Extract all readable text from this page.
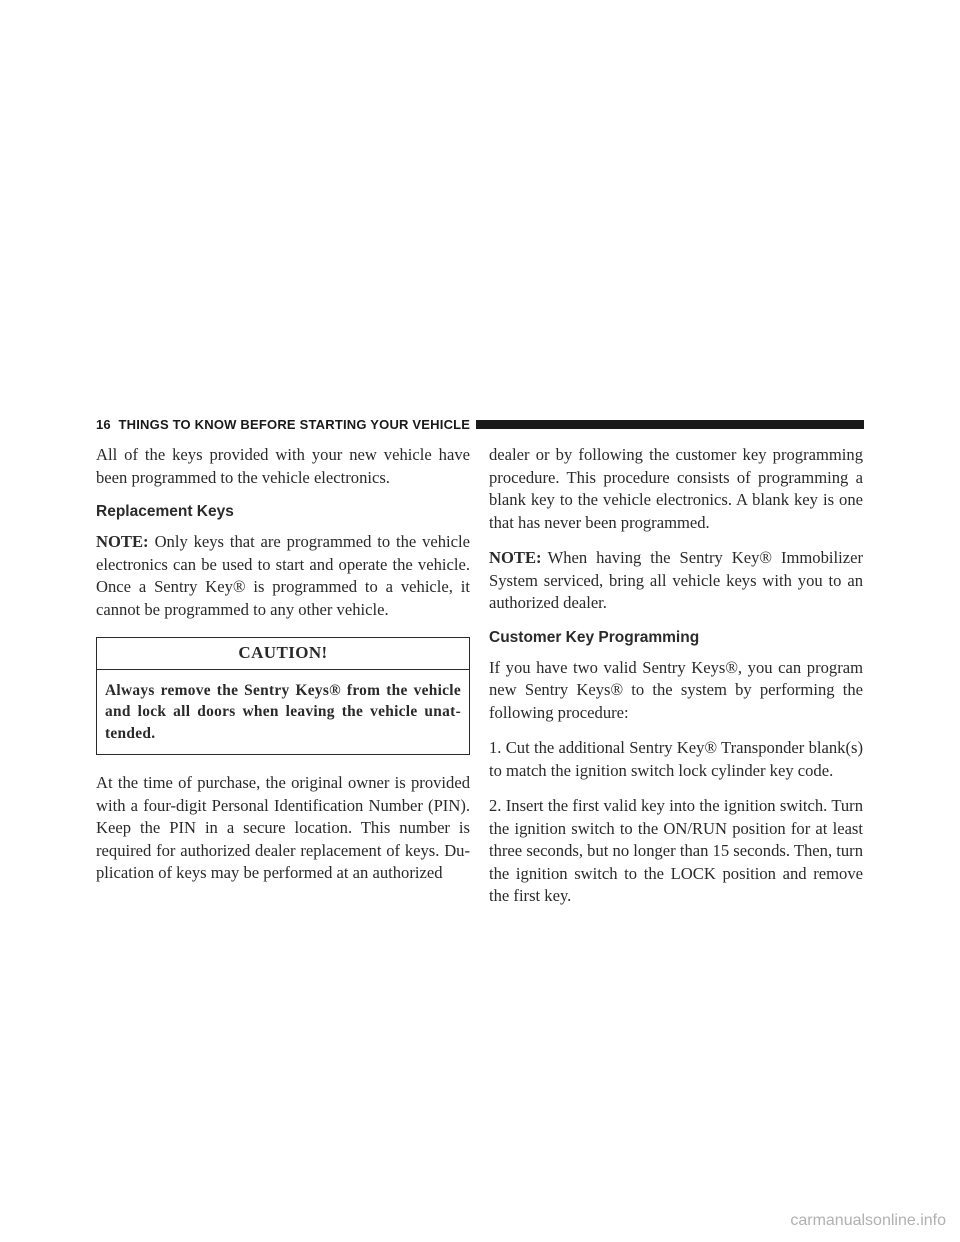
16 THINGS TO KNOW BEFORE STARTING YOUR VEHICLE

All of the keys provided with your new vehicle have been programmed to the vehicle electronics.

Replacement Keys

NOTE: Only keys that are programmed to the vehicle electronics can be used to start and operate the vehicle. Once a Sentry Key® is programmed to a vehicle, it cannot be programmed to any other vehicle.

CAUTION!
Always remove the Sentry Keys® from the vehicle and lock all doors when leaving the vehicle unat-tended.

At the time of purchase, the original owner is provided with a four-digit Personal Identification Number (PIN). Keep the PIN in a secure location. This number is required for authorized dealer replacement of keys. Du-plication of keys may be performed at an authorized

dealer or by following the customer key programming procedure. This procedure consists of programming a blank key to the vehicle electronics. A blank key is one that has never been programmed.

NOTE: When having the Sentry Key® Immobilizer System serviced, bring all vehicle keys with you to an authorized dealer.

Customer Key Programming

If you have two valid Sentry Keys®, you can program new Sentry Keys® to the system by performing the following procedure:

1. Cut the additional Sentry Key® Transponder blank(s) to match the ignition switch lock cylinder key code.

2. Insert the first valid key into the ignition switch. Turn the ignition switch to the ON/RUN position for at least three seconds, but no longer than 15 seconds. Then, turn the ignition switch to the LOCK position and remove the first key.

carmanualsonline.info
